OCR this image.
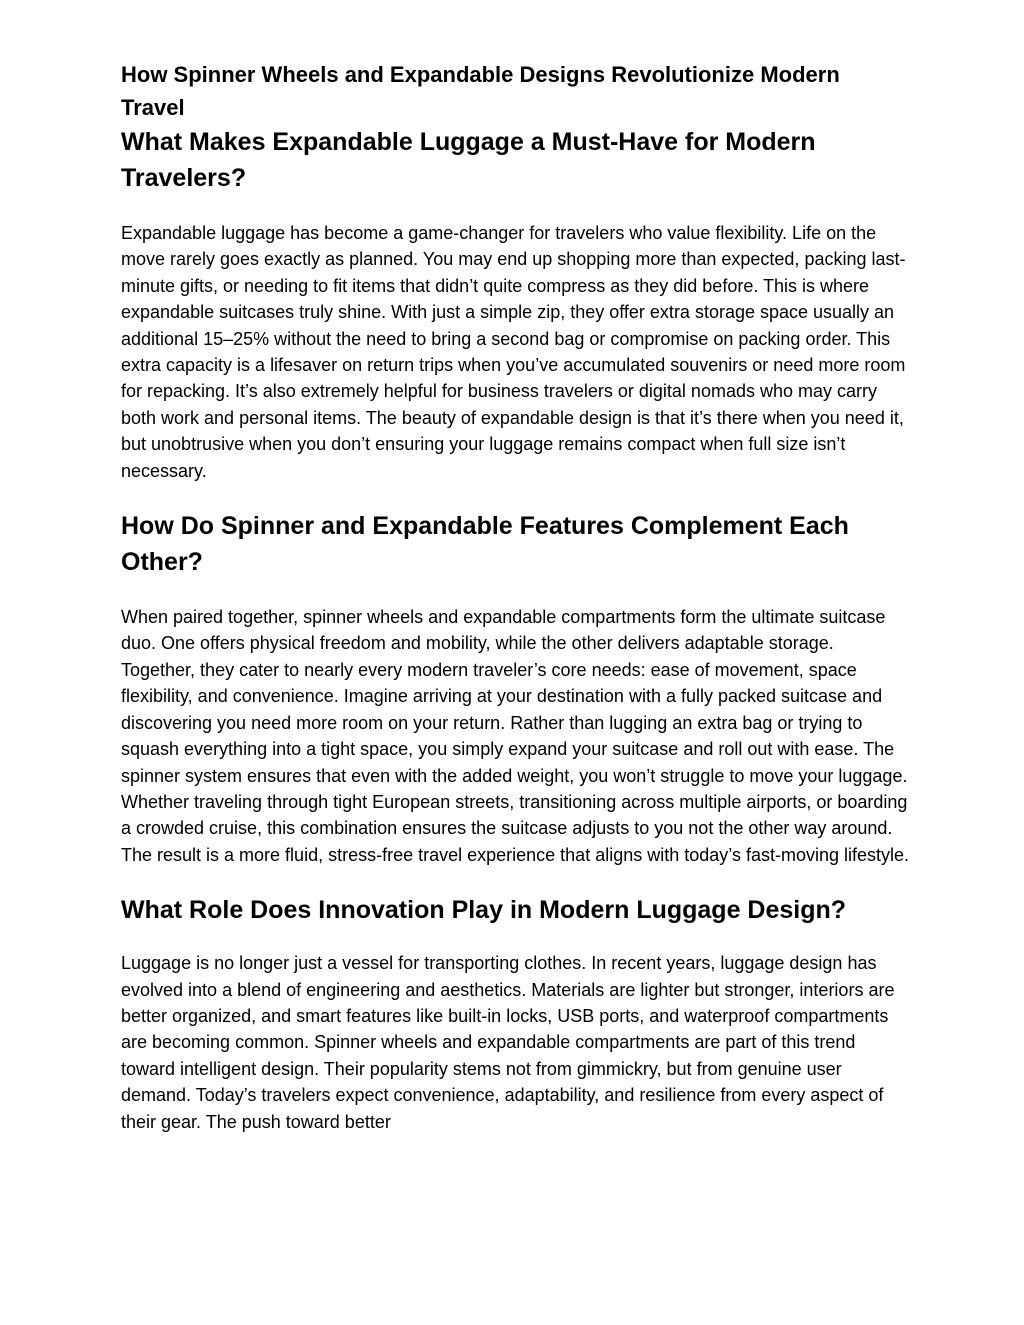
How Spinner Wheels and Expandable Designs Revolutionize Modern Travel
What Makes Expandable Luggage a Must-Have for Modern Travelers?

Expandable luggage has become a game-changer for travelers who value flexibility. Life on the move rarely goes exactly as planned. You may end up shopping more than expected, packing last-minute gifts, or needing to fit items that didn’t quite compress as they did before. This is where expandable suitcases truly shine. With just a simple zip, they offer extra storage space usually an additional 15–25% without the need to bring a second bag or compromise on packing order. This extra capacity is a lifesaver on return trips when you’ve accumulated souvenirs or need more room for repacking. It’s also extremely helpful for business travelers or digital nomads who may carry both work and personal items. The beauty of expandable design is that it’s there when you need it, but unobtrusive when you don’t ensuring your luggage remains compact when full size isn’t necessary.

How Do Spinner and Expandable Features Complement Each Other?

When paired together, spinner wheels and expandable compartments form the ultimate suitcase duo. One offers physical freedom and mobility, while the other delivers adaptable storage. Together, they cater to nearly every modern traveler’s core needs: ease of movement, space flexibility, and convenience. Imagine arriving at your destination with a fully packed suitcase and discovering you need more room on your return. Rather than lugging an extra bag or trying to squash everything into a tight space, you simply expand your suitcase and roll out with ease. The spinner system ensures that even with the added weight, you won’t struggle to move your luggage. Whether traveling through tight European streets, transitioning across multiple airports, or boarding a crowded cruise, this combination ensures the suitcase adjusts to you not the other way around. The result is a more fluid, stress-free travel experience that aligns with today’s fast-moving lifestyle.

What Role Does Innovation Play in Modern Luggage Design?

Luggage is no longer just a vessel for transporting clothes. In recent years, luggage design has evolved into a blend of engineering and aesthetics. Materials are lighter but stronger, interiors are better organized, and smart features like built-in locks, USB ports, and waterproof compartments are becoming common. Spinner wheels and expandable compartments are part of this trend toward intelligent design. Their popularity stems not from gimmickry, but from genuine user demand. Today’s travelers expect convenience, adaptability, and resilience from every aspect of their gear. The push toward better
